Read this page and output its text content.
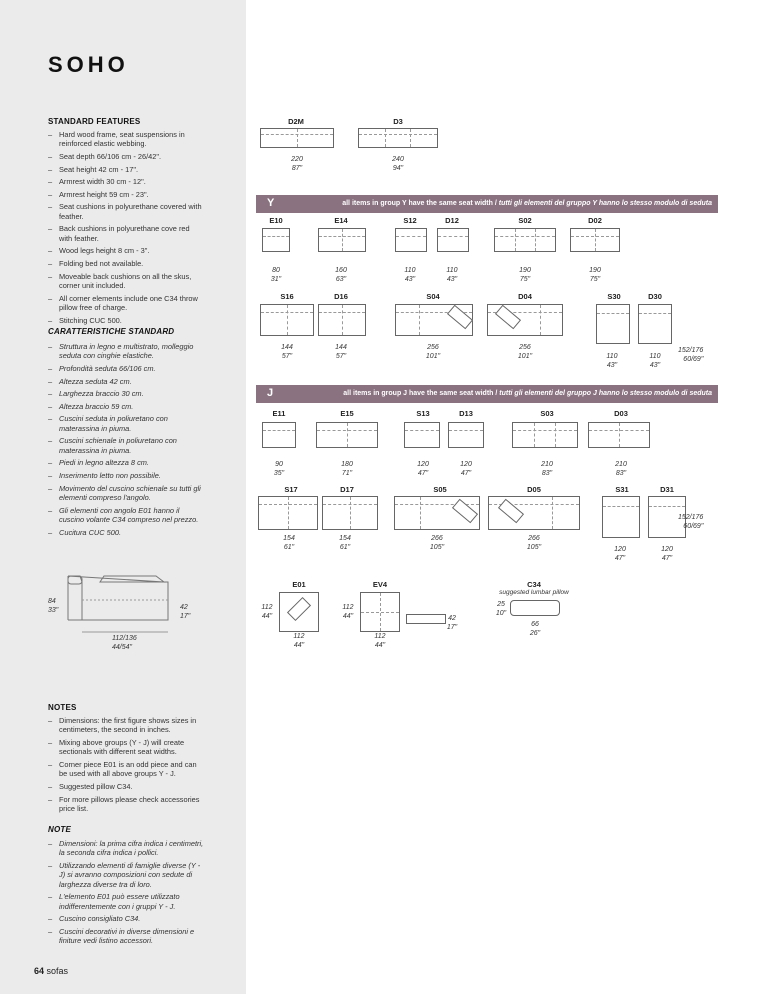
SOHO
STANDARD FEATURES
– Hard wood frame, seat suspensions in reinforced elastic webbing.
– Seat depth 66/106 cm - 26/42".
– Seat height 42 cm - 17".
– Armrest width 30 cm - 12".
– Armrest height 59 cm - 23".
– Seat cushions in polyurethane covered with feather.
– Back cushions in polyurethane cove red with feather.
– Wood legs height 8 cm - 3".
– Folding bed not available.
– Moveable back cushions on all the skus, corner unit included.
– All corner elements include one C34 throw pillow free of charge.
– Stitching CUC 500.
CARATTERISTICHE STANDARD
– Struttura in legno e multistrato, molleggio seduta con cinghie elastiche.
– Profondità seduta 66/106 cm.
– Altezza seduta 42 cm.
– Larghezza braccio 30 cm.
– Altezza braccio 59 cm.
– Cuscini seduta in poliuretano con materassina in piuma.
– Cuscini schienale in poliuretano con materassina in piuma.
– Piedi in legno altezza 8 cm.
– Inserimento letto non possibile.
– Movimento del cuscino schienale su tutti gli elementi compreso l'angolo.
– Gli elementi con angolo E01 hanno il cuscino volante C34 compreso nel prezzo.
– Cucitura CUC 500.
84
33"	42
17"
112/136
44/54"
NOTES
– Dimensions: the first figure shows sizes in centimeters, the second in inches.
– Mixing above groups (Y - J) will create sectionals with different seat widths.
– Corner piece E01 is an odd piece and can be used with all above groups Y - J.
– Suggested pillow C34.
– For more pillows please check accessories price list.
NOTE
– Dimensioni: la prima cifra indica i centimetri, la seconda cifra indica i pollici.
– Utilizzando elementi di famiglie diverse (Y - J) si avranno composizioni con sedute di larghezza diverse tra di loro.
– L'elemento E01 può essere utilizzato indifferentemente con i gruppi Y - J.
– Cuscino consigliato C34.
– Cuscini decorativi in diverse dimensioni e finiture vedi listino accessori.
64 sofas
D2M	D3
220
87"
240
94"
Y	all items in group Y have the same seat width / tutti gli elementi del gruppo Y hanno lo stesso modulo di seduta
E10
80
31"
E14
160
63"
S12
110
43"
D12
110
43"
S02
190
75"
D02
190
75"
S16
144
57"
D16
144
57"
S04
256
101"
D04
256
101"
S30
110
43"
D30
110
43"
152/176
60/69"
J	all items in group J have the same seat width / tutti gli elementi del gruppo J hanno lo stesso modulo di seduta
E11
90
35"
E15
180
71"
S13
120
47"
D13
120
47"
S03
210
83"
D03
210
83"
S17
154
61"
D17
154
61"
S05
266
105"
D05
266
105"
S31
120
47"
D31
120
47"
152/176
60/69"
E01	EV4	C34
suggested lumbar pillow
112
44"
112
44"
112
44"
112
44"
42
17"
25
10"
66
26"
